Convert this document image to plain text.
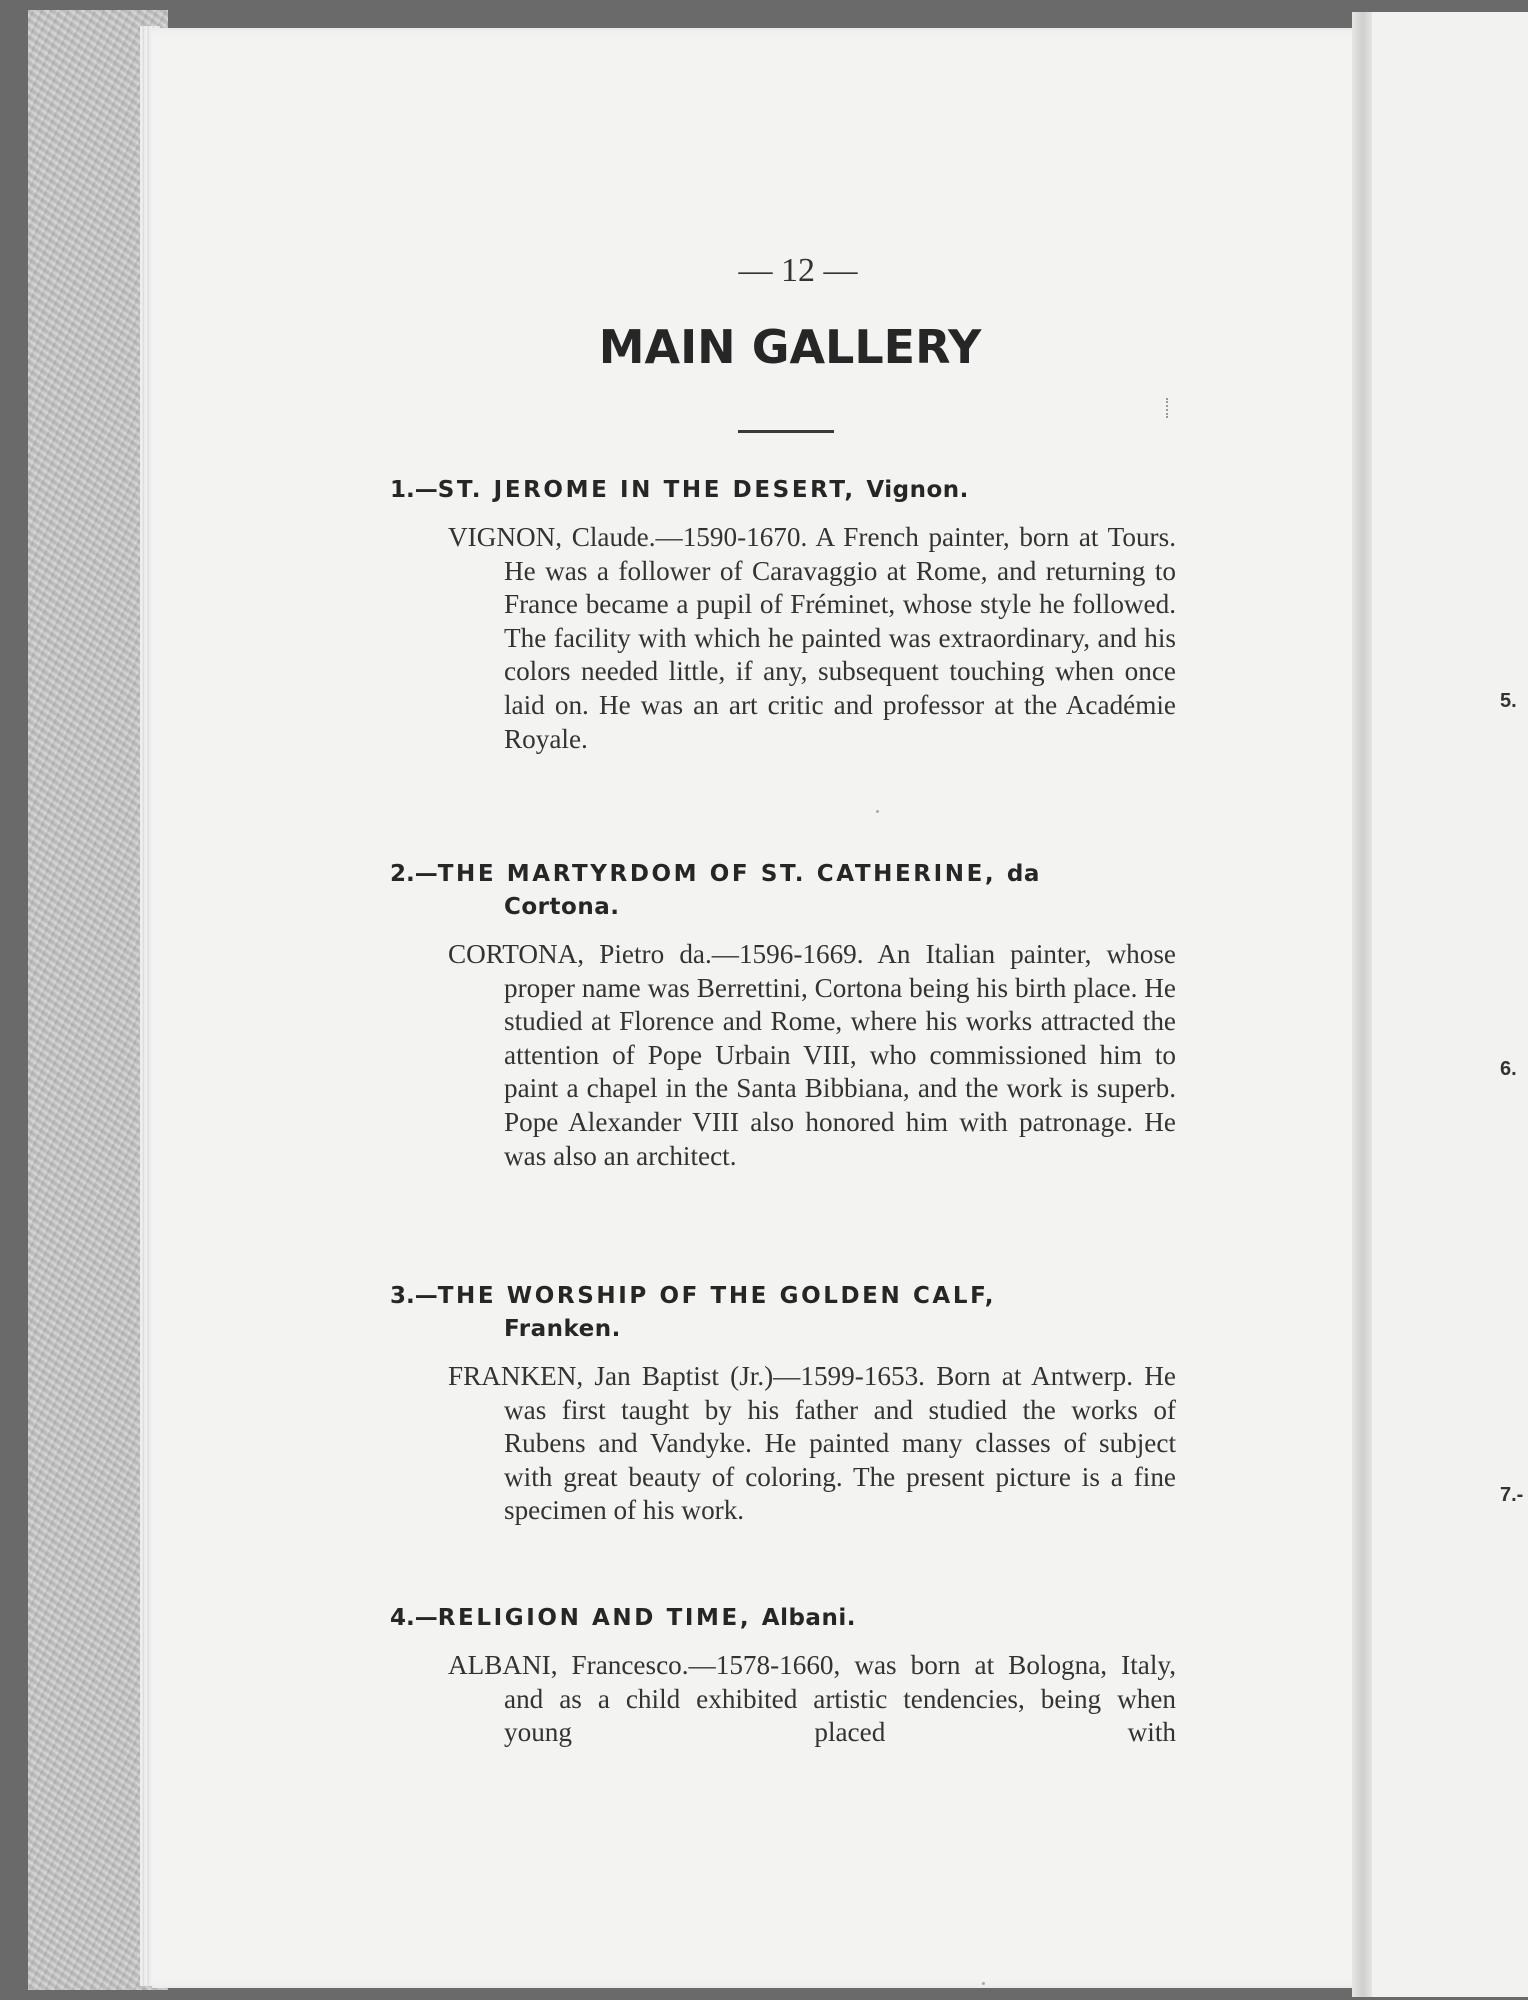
5.
6.
7.-
— 12 —
MAIN GALLERY

1.—ST. JEROME IN THE DESERT, Vignon.

VIGNON, Claude.—1590-1670. A French painter, born at Tours. He was a follower of Caravaggio at Rome, and returning to France became a pupil of Fréminet, whose style he followed. The facility with which he painted was extraordinary, and his colors needed little, if any, subsequent touching when once laid on. He was an art critic and professor at the Académie Royale.

2.—THE MARTYRDOM OF ST. CATHERINE, da
Cortona.

CORTONA, Pietro da.—1596-1669. An Italian painter, whose proper name was Berrettini, Cortona being his birth place. He studied at Florence and Rome, where his works attracted the attention of Pope Urbain VIII, who commissioned him to paint a chapel in the Santa Bibbiana, and the work is superb. Pope Alexander VIII also honored him with patronage. He was also an architect.

3.—THE WORSHIP OF THE GOLDEN CALF,
Franken.

FRANKEN, Jan Baptist (Jr.)—1599-1653. Born at Antwerp. He was first taught by his father and studied the works of Rubens and Vandyke. He painted many classes of subject with great beauty of coloring. The present picture is a fine specimen of his work.

4.—RELIGION AND TIME, Albani.

ALBANI, Francesco.—1578-1660, was born at Bologna, Italy, and as a child exhibited artistic tendencies, being when young placed with
